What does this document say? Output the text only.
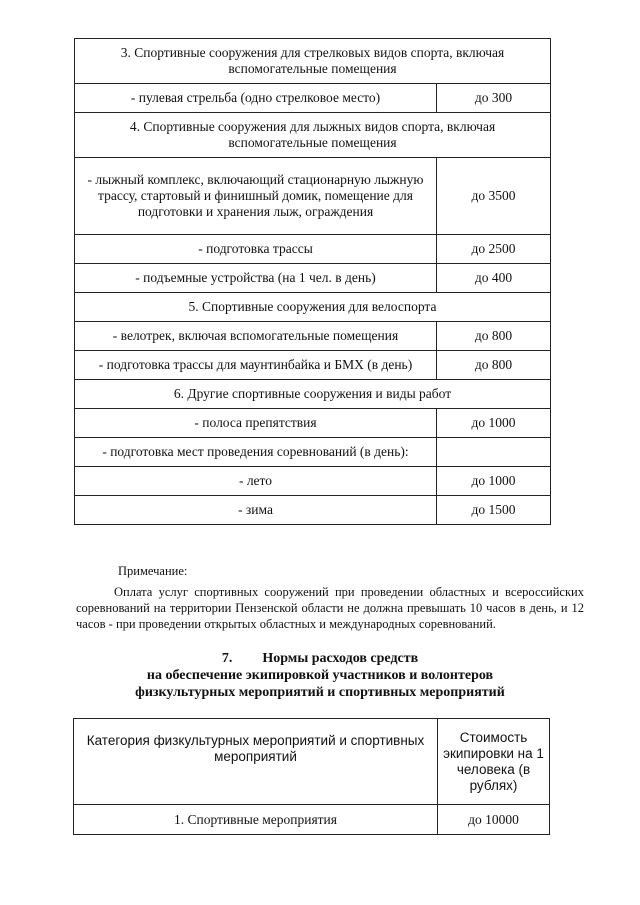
3. Спортивные сооружения для стрелковых видов спорта, включая вспомогательные помещения	
- пулевая стрельба (одно стрелковое место)	до 300
4. Спортивные сооружения для лыжных видов спорта, включая вспомогательные помещения	
- лыжный комплекс, включающий стационарную лыжную трассу, стартовый и финишный домик, помещение для подготовки и хранения лыж, ограждения	до 3500
- подготовка трассы	до 2500
- подъемные устройства (на 1 чел. в день)	до 400
5. Спортивные сооружения для велоспорта	
- велотрек, включая вспомогательные помещения	до 800
- подготовка трассы для маунтинбайка и БМХ (в день)	до 800
6. Другие спортивные сооружения и виды работ	
- полоса препятствия	до 1000
- подготовка мест проведения соревнований (в день):	
- лето	до 1000
- зима	до 1500
Примечание:
Оплата услуг спортивных сооружений при проведении областных и всероссийских соревнований на территории Пензенской области не должна превышать 10 часов в день, и 12 часов - при проведении открытых областных и международных соревнований.
7. Нормы расходов средств
на обеспечение экипировкой участников и волонтеров
физкультурных мероприятий и спортивных мероприятий
Категория физкультурных мероприятий и спортивных мероприятий	Стоимость экипировки на 1 человека (в рублях)
1. Спортивные мероприятия	до 10000
